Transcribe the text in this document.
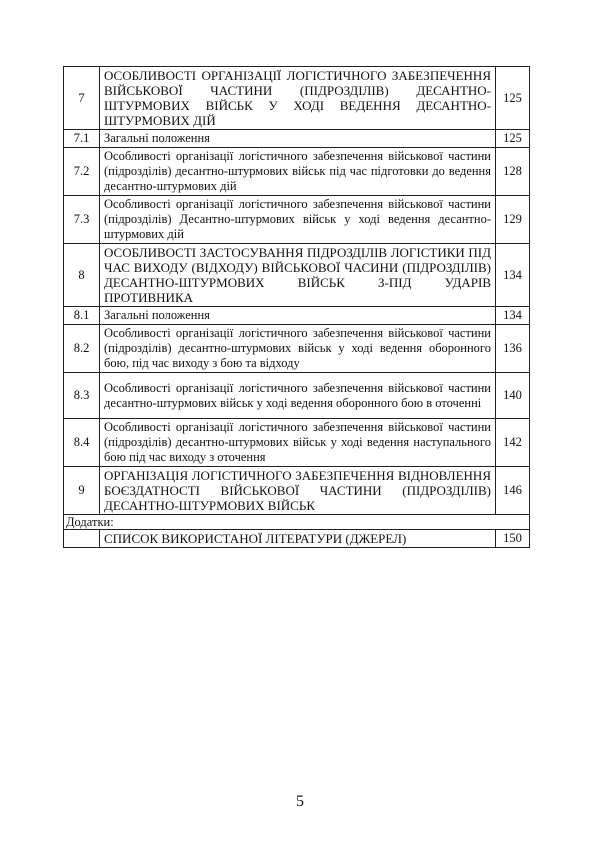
7	ОСОБЛИВОСТІ ОРГАНІЗАЦІЇ ЛОГІСТИЧНОГО ЗАБЕЗПЕЧЕННЯ ВІЙСЬКОВОЇ ЧАСТИНИ (ПІДРОЗДІЛІВ) ДЕСАНТНО-ШТУРМОВИХ ВІЙСЬК У ХОДІ ВЕДЕННЯ ДЕСАНТНО-ШТУРМОВИХ ДІЙ	125
7.1	Загальні положення	125
7.2	Особливості організації логістичного забезпечення військової частини (підрозділів) десантно-штурмових військ під час підготовки до ведення десантно-штурмових дій	128
7.3	Особливості організації логістичного забезпечення військової частини (підрозділів) Десантно-штурмових військ у ході ведення десантно-штурмових дій	129
8	ОСОБЛИВОСТІ ЗАСТОСУВАННЯ ПІДРОЗДІЛІВ ЛОГІСТИКИ ПІД ЧАС ВИХОДУ (ВІДХОДУ) ВІЙСЬКОВОЇ ЧАСИНИ (ПІДРОЗДІЛІВ) ДЕСАНТНО-ШТУРМОВИХ ВІЙСЬК З-ПІД УДАРІВ ПРОТИВНИКА	134
8.1	Загальні положення	134
8.2	Особливості організації логістичного забезпечення військової частини (підрозділів) десантно-штурмових військ у ході ведення оборонного бою, під час виходу з бою та відходу	136
8.3	Особливості організації логістичного забезпечення військової частини десантно-штурмових військ у ході ведення оборонного бою в оточенні	140
8.4	Особливості організації логістичного забезпечення військової частини (підрозділів) десантно-штурмових військ у ході ведення наступального бою під час виходу з оточення	142
9	ОРГАНІЗАЦІЯ ЛОГІСТИЧНОГО ЗАБЕЗПЕЧЕННЯ ВІДНОВЛЕННЯ БОЄЗДАТНОСТІ ВІЙСЬКОВОЇ ЧАСТИНИ (ПІДРОЗДІЛІВ) ДЕСАНТНО-ШТУРМОВИХ ВІЙСЬК	146
Додатки:		
	СПИСОК ВИКОРИСТАНОЇ ЛІТЕРАТУРИ (ДЖЕРЕЛ)	150
5
